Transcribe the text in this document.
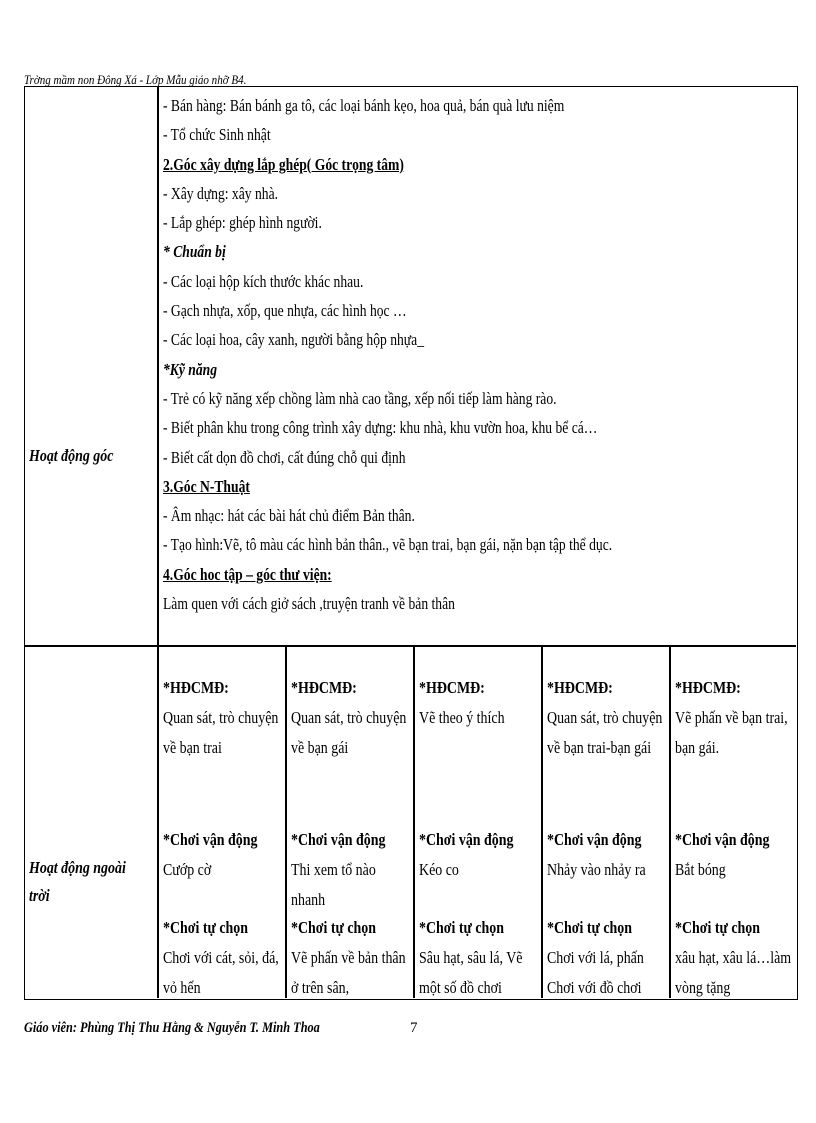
Trờng mầm non Đông Xá - Lớp Mẫu giáo nhỡ B4.
Hoạt động góc
- Bán hàng: Bán bánh ga tô, các loại bánh kẹo, hoa quả, bán quà lưu niệm
- Tổ chức Sinh nhật
2.Góc xây dựng lắp ghép( Góc trọng tâm)
- Xây dựng: xây nhà.
- Lắp ghép: ghép hình người.
* Chuẩn bị
- Các loại hộp kích thước khác nhau.
- Gạch nhựa, xốp, que nhựa, các hình học …
- Các loại hoa, cây xanh, người bằng hộp nhựa_
*Kỹ năng
- Trẻ có kỹ năng xếp chồng làm nhà cao tầng, xếp nối tiếp làm hàng rào.
- Biết phân khu trong công trình xây dựng: khu nhà, khu vườn hoa, khu bể cá…
- Biết cất dọn đồ chơi, cất đúng chỗ qui định
3.Góc N-Thuật
- Âm nhạc: hát các bài hát chủ điểm Bản thân.
- Tạo hình:Vẽ, tô màu các hình bản thân., vẽ bạn trai, bạn gái, nặn bạn tập thể dục.
4.Góc hoc tập – góc thư viện:
Làm quen với cách giở sách ,truyện tranh về bản thân
Hoạt động ngoài
trời
*HĐCMĐ:
Quan sát, trò chuyện về bạn trai
*Chơi vận động
Cướp cờ
*Chơi tự chọn
Chơi với cát, sỏi, đá, vỏ hến
*HĐCMĐ:
Quan sát, trò chuyện về bạn gái
*Chơi vận động
Thi xem tổ nào nhanh
*Chơi tự chọn
Vẽ phấn về bản thân ở trên sân,
*HĐCMĐ:
Vẽ theo ý thích
*Chơi vận động
Kéo co
*Chơi tự chọn
Sâu hạt, sâu lá, Vẽ một số đồ chơi
*HĐCMĐ:
Quan sát, trò chuyện về bạn trai-bạn gái
*Chơi vận động
Nhảy vào nhảy ra
*Chơi tự chọn
Chơi với lá, phấn Chơi với đồ chơi
*HĐCMĐ:
Vẽ phấn về bạn trai, bạn gái.
*Chơi vận động
Bắt bóng
*Chơi tự chọn
xâu hạt, xâu lá…làm vòng tặng
Giáo viên: Phùng Thị Thu Hằng & Nguyễn T. Minh Thoa	7
